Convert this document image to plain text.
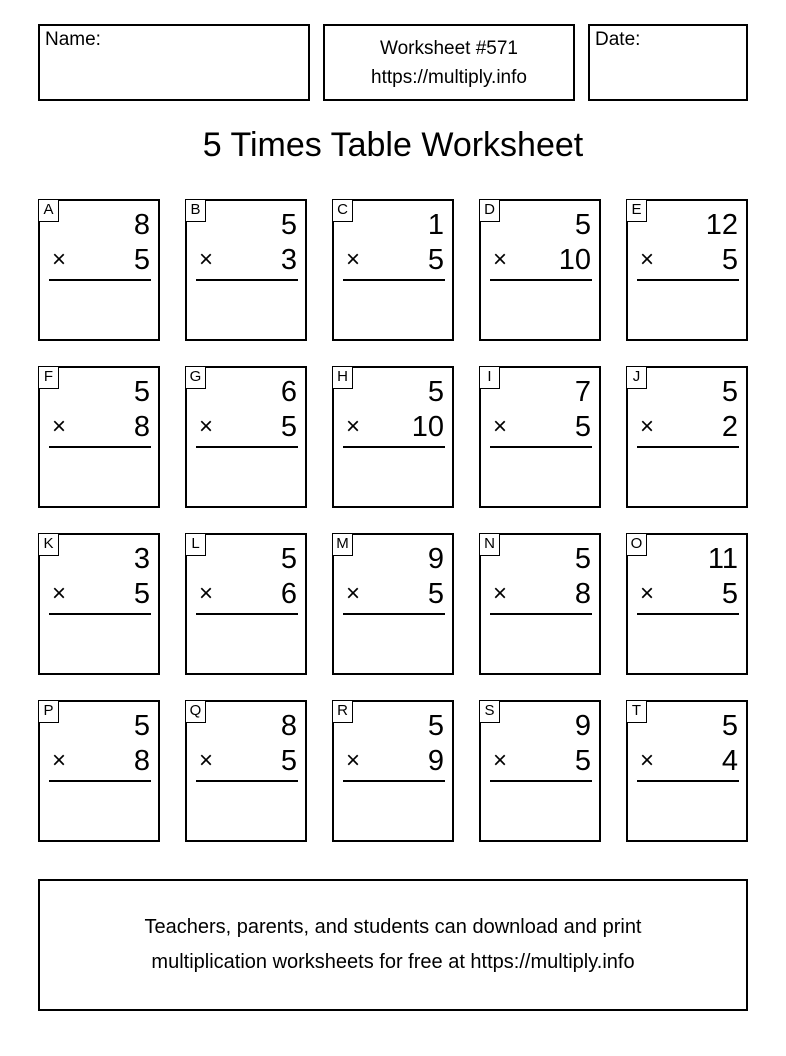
Name:	Worksheet #571
https://multiply.info
Date:
5 Times Table Worksheet
A	8
× 5
B	5
× 3
C	1
× 5
D	5
× 10
E 12
× 5
F	5
× 8
G	6
× 5
H	5
× 10
I	7
× 5
J	5
× 2
K	3
× 5
L	5
× 6
M	9
× 5
N	5
× 8
O 11
× 5
P	5
× 8
Q	8
× 5
R	5
× 9
S	9
× 5
T	5
× 4
Teachers, parents, and students can download and print
multiplication worksheets for free at https://multiply.info
